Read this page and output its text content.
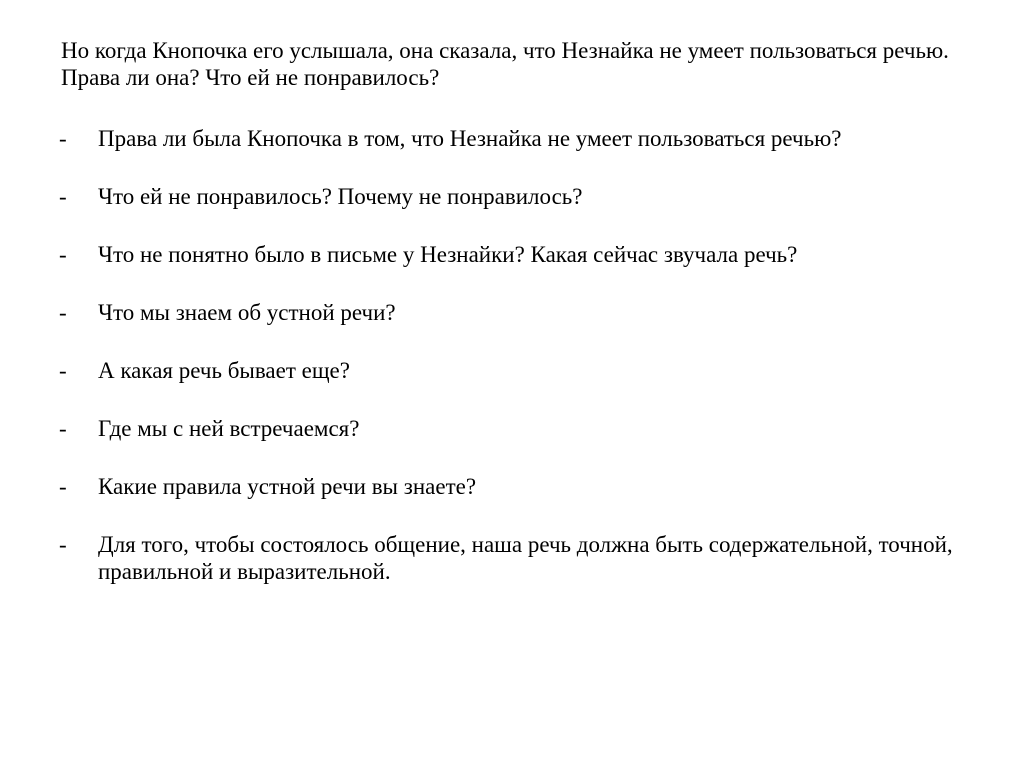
Но когда Кнопочка его услышала, она сказала, что Незнайка не умеет пользоваться речью. Права ли она? Что ей не понравилось?

- Права ли была Кнопочка в том, что Незнайка не умеет пользоваться речью?
- Что ей не понравилось? Почему не понравилось?
- Что не понятно было в письме у Незнайки? Какая сейчас звучала речь?
- Что мы знаем об устной речи?
- А какая речь бывает еще?
- Где мы с ней встречаемся?
- Какие правила устной речи вы знаете?
- Для того, чтобы состоялось общение, наша речь должна быть содержательной, точной, правильной и выразительной.
